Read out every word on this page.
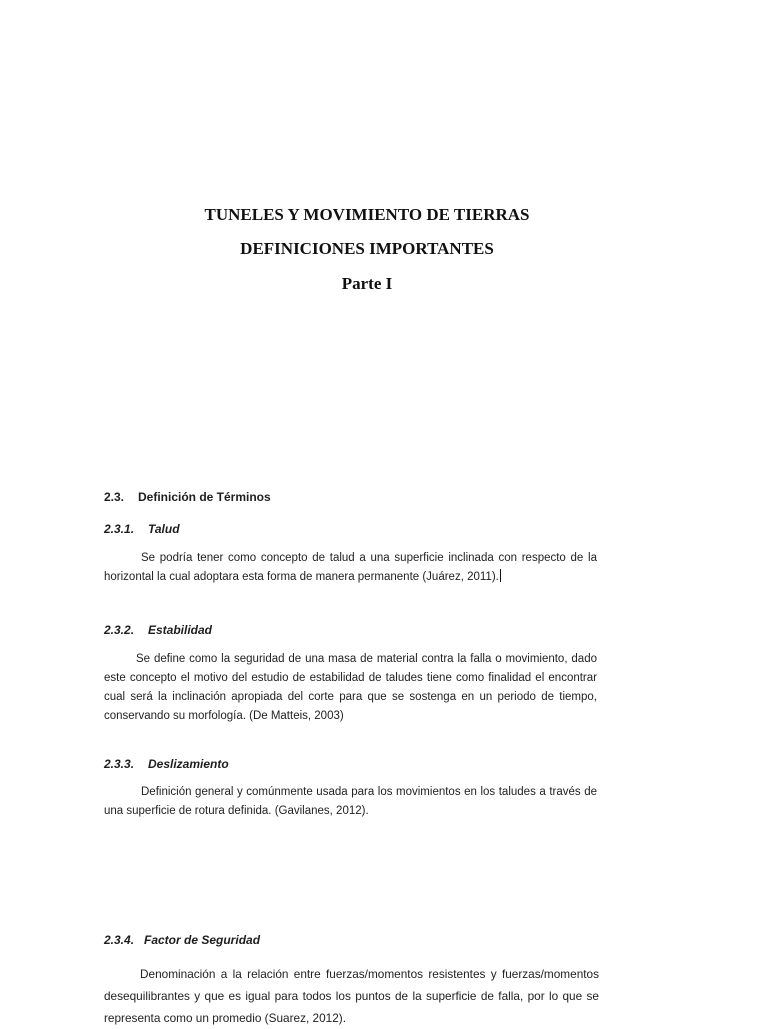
TUNELES Y MOVIMIENTO DE TIERRAS
DEFINICIONES IMPORTANTES
Parte I
2.3. Definición de Términos
2.3.1. Talud

Se podría tener como concepto de talud a una superficie inclinada con respecto de la horizontal la cual adoptara esta forma de manera permanente (Juárez, 2011).

2.3.2. Estabilidad

Se define como la seguridad de una masa de material contra la falla o movimiento, dado este concepto el motivo del estudio de estabilidad de taludes tiene como finalidad el encontrar cual será la inclinación apropiada del corte para que se sostenga en un periodo de tiempo, conservando su morfología. (De Matteis, 2003)

2.3.3. Deslizamiento

Definición general y comúnmente usada para los movimientos en los taludes a través de una superficie de rotura definida. (Gavilanes, 2012).

2.3.4. Factor de Seguridad

Denominación a la relación entre fuerzas/momentos resistentes y fuerzas/momentos desequilibrantes y que es igual para todos los puntos de la superficie de falla, por lo que se representa como un promedio (Suarez, 2012).
